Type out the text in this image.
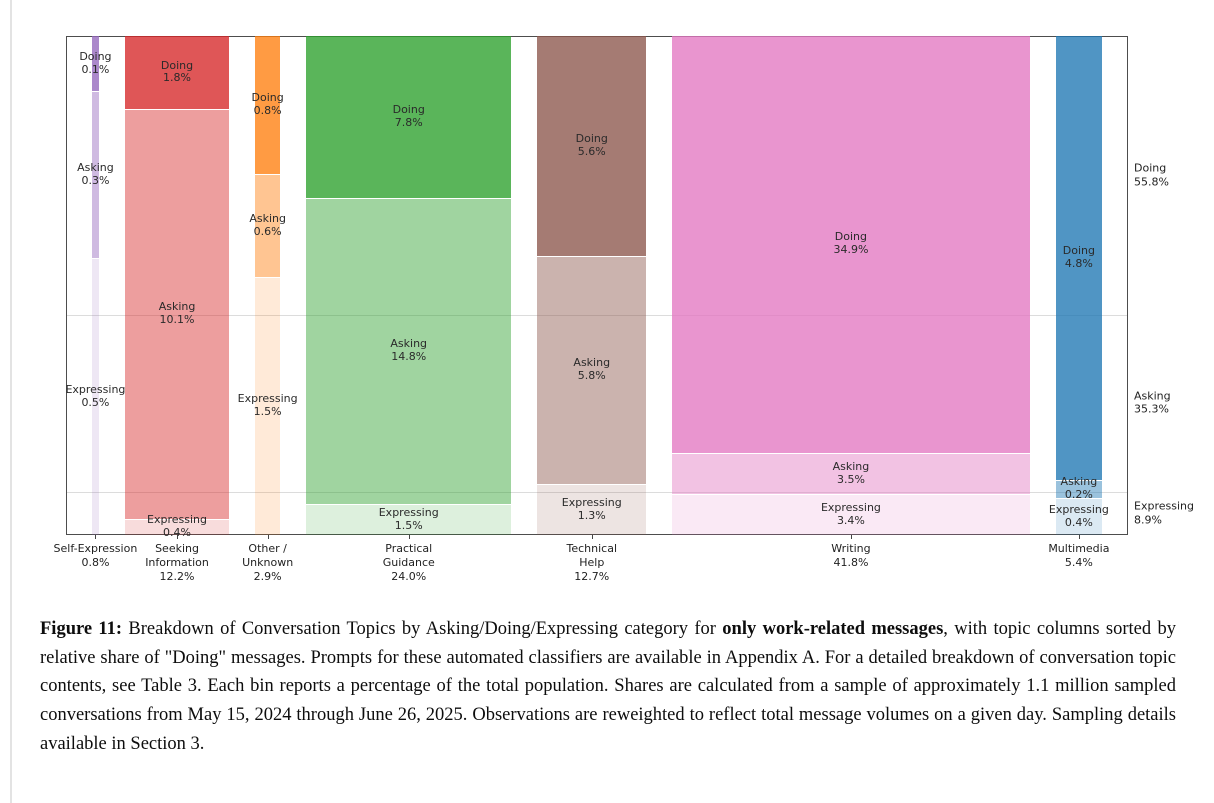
Self-Expression
0.8%
Seeking
Information
12.2%
Other /
Unknown
2.9%
Practical
Guidance
24.0%
Technical
Help
12.7%
Writing
41.8%
Multimedia
5.4%
Expressing
8.9%
Asking
35.3%
Doing
55.8%
Figure 11: Breakdown of Conversation Topics by Asking/Doing/Expressing category for only work-related messages, with topic columns sorted by relative share of "Doing" messages. Prompts for these automated classifiers are available in Appendix A. For a detailed breakdown of conversation topic contents, see Table 3. Each bin reports a percentage of the total population. Shares are calculated from a sample of approximately 1.1 million sampled conversations from May 15, 2024 through June 26, 2025. Observations are reweighted to reflect total message volumes on a given day. Sampling details available in Section 3.
Doing
0.1%
Asking
0.3%
Expressing
0.5%
Doing
1.8%
Asking
10.1%
Expressing
0.4%
Doing
0.8%
Asking
0.6%
Expressing
1.5%
Doing
7.8%
Asking
14.8%
Expressing
1.5%
Doing
5.6%
Asking
5.8%
Expressing
1.3%
Doing
34.9%
Asking
3.5%
Expressing
3.4%
Doing
4.8%
Asking
0.2%
Expressing
0.4%
